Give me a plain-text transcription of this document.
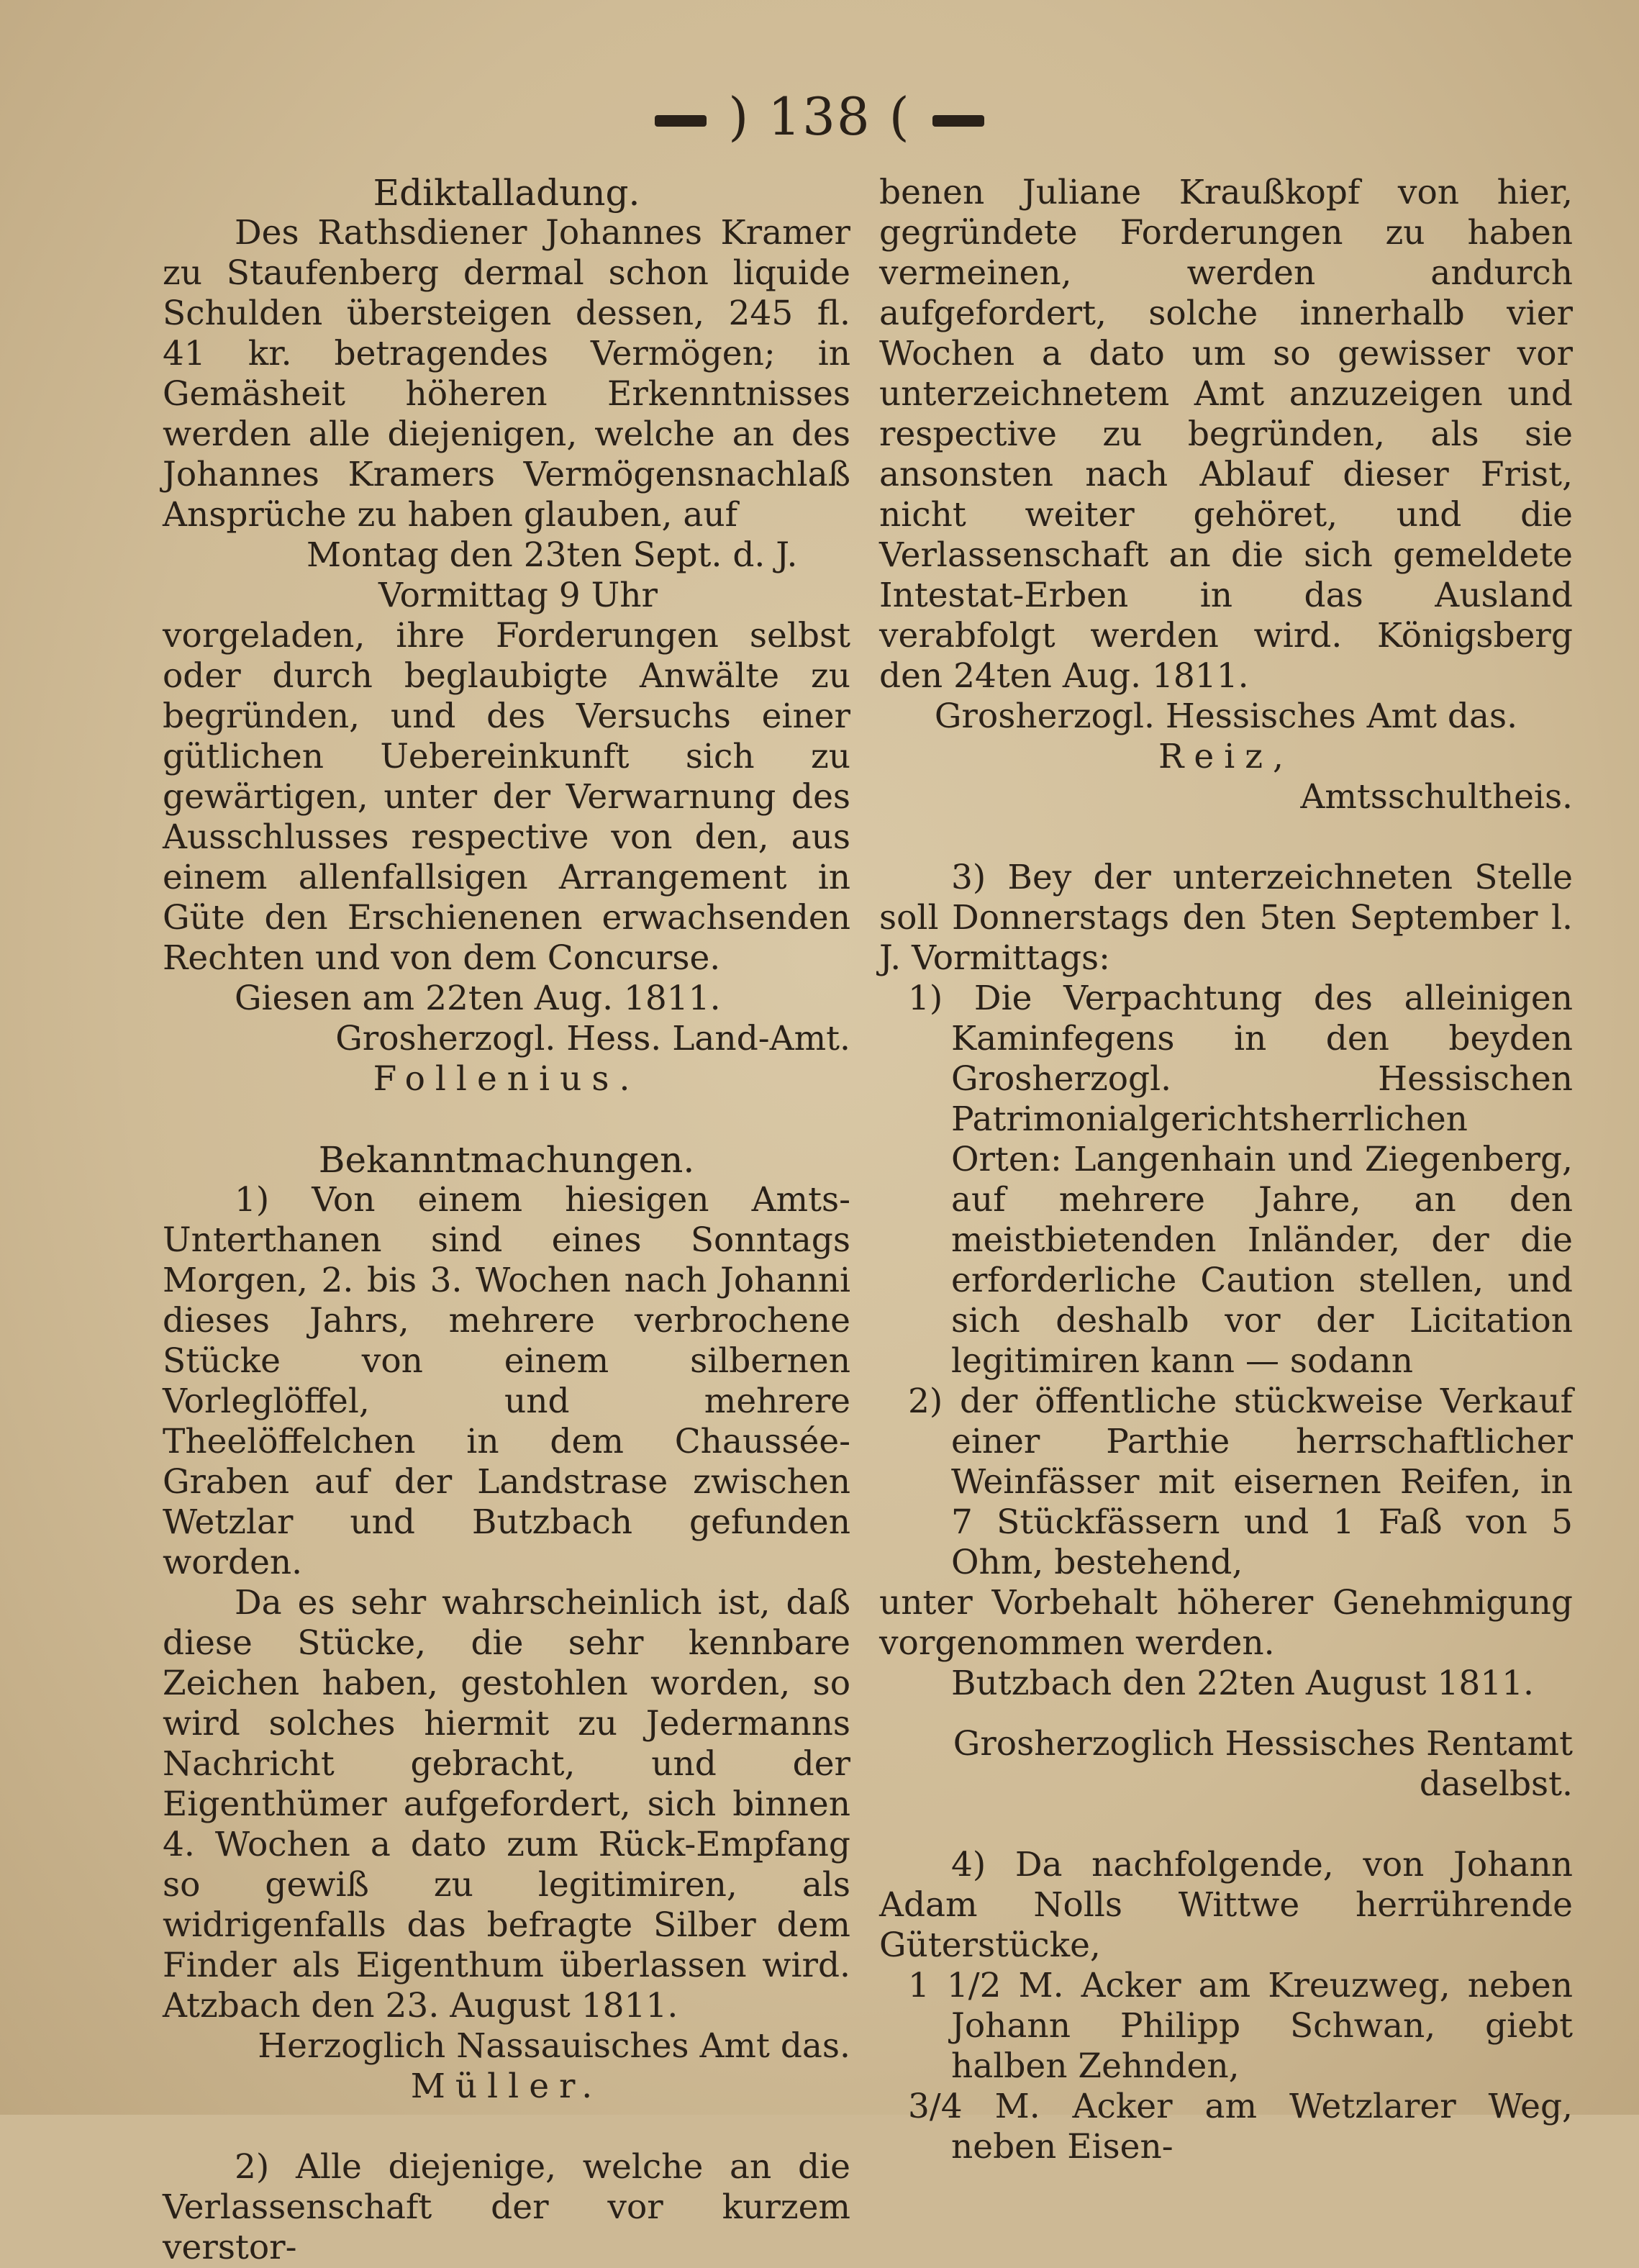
) 138 (

Ediktalladung.

Des Rathsdiener Johannes Kramer zu Staufenberg dermal schon liquide Schulden übersteigen dessen, 245 fl. 41 kr. betragendes Vermögen; in Gemäsheit höheren Erkenntnisses werden alle diejenigen, welche an des Johannes Kramers Vermögensnachlaß Ansprüche zu haben glauben, auf

Montag den 23ten Sept. d. J.

Vormittag 9 Uhr

vorgeladen, ihre Forderungen selbst oder durch beglaubigte Anwälte zu begründen, und des Versuchs einer gütlichen Uebereinkunft sich zu gewärtigen, unter der Verwarnung des Ausschlusses respective von den, aus einem allenfallsigen Arrangement in Güte den Erschienenen erwachsenden Rechten und von dem Concurse.

Giesen am 22ten Aug. 1811.

Grosherzogl. Hess. Land-Amt.

Follenius.

Bekanntmachungen.

1) Von einem hiesigen Amts-Unterthanen sind eines Sonntags Morgen, 2. bis 3. Wochen nach Johanni dieses Jahrs, mehrere verbrochene Stücke von einem silbernen Vorleglöffel, und mehrere Theelöffelchen in dem Chaussée-Graben auf der Landstrase zwischen Wetzlar und Butzbach gefunden worden.

Da es sehr wahrscheinlich ist, daß diese Stücke, die sehr kennbare Zeichen haben, gestohlen worden, so wird solches hiermit zu Jedermanns Nachricht gebracht, und der Eigenthümer aufgefordert, sich binnen 4. Wochen a dato zum Rück-Empfang so gewiß zu legitimiren, als widrigenfalls das befragte Silber dem Finder als Eigenthum überlassen wird. Atzbach den 23. August 1811.

Herzoglich Nassauisches Amt das.

Müller.

2) Alle diejenige, welche an die Verlassenschaft der vor kurzem verstor-

benen Juliane Kraußkopf von hier, gegründete Forderungen zu haben vermeinen, werden andurch aufgefordert, solche innerhalb vier Wochen a dato um so gewisser vor unterzeichnetem Amt anzuzeigen und respective zu begründen, als sie ansonsten nach Ablauf dieser Frist, nicht weiter gehöret, und die Verlassenschaft an die sich gemeldete Intestat-Erben in das Ausland verabfolgt werden wird. Königsberg den 24ten Aug. 1811.

Grosherzogl. Hessisches Amt das.

Reiz,

Amtsschultheis.

3) Bey der unterzeichneten Stelle soll Donnerstags den 5ten September l. J. Vormittags:

1) Die Verpachtung des alleinigen Kaminfegens in den beyden Grosherzogl. Hessischen Patrimonialgerichtsherrlichen Orten: Langenhain und Ziegenberg, auf mehrere Jahre, an den meistbietenden Inländer, der die erforderliche Caution stellen, und sich deshalb vor der Licitation legitimiren kann — sodann

2) der öffentliche stückweise Verkauf einer Parthie herrschaftlicher Weinfässer mit eisernen Reifen, in 7 Stückfässern und 1 Faß von 5 Ohm, bestehend,

unter Vorbehalt höherer Genehmigung vorgenommen werden.

Butzbach den 22ten August 1811.

Grosherzoglich Hessisches Rentamt daselbst.

4) Da nachfolgende, von Johann Adam Nolls Wittwe herrührende Güterstücke,

1 1/2 M. Acker am Kreuzweg, neben Johann Philipp Schwan, giebt halben Zehnden,

3/4 M. Acker am Wetzlarer Weg, neben Eisen-
